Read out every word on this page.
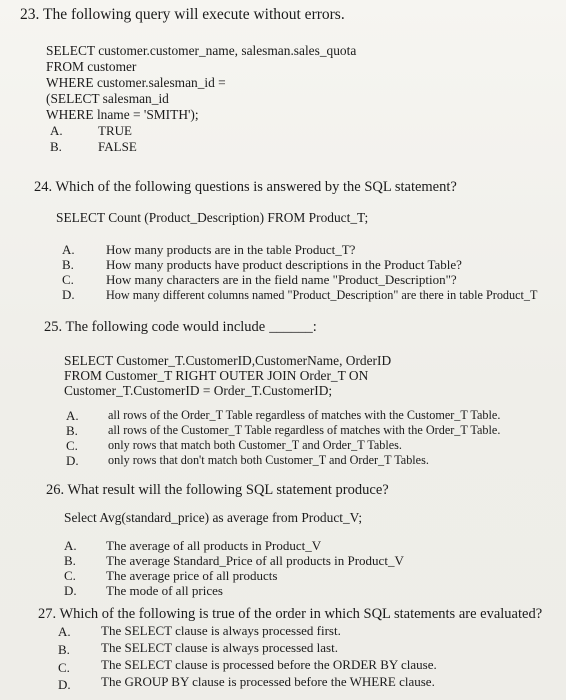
23. The following query will execute without errors.
SELECT customer.customer_name, salesman.sales_quota
FROM customer
WHERE customer.salesman_id =
(SELECT salesman_id
WHERE lname = 'SMITH');
A.	TRUE
B.	FALSE
24. Which of the following questions is answered by the SQL statement?
SELECT Count (Product_Description) FROM Product_T;
A. How many products are in the table Product_T?
B. How many products have product descriptions in the Product Table?
C. How many characters are in the field name "Product_Description"?
D.	How many different columns named "Product_Description" are there in table Product_T
25. The following code would include ______:
SELECT Customer_T.CustomerID,CustomerName, OrderID
FROM Customer_T RIGHT OUTER JOIN Order_T ON
Customer_T.CustomerID = Order_T.CustomerID;
A. all rows of the Order_T Table regardless of matches with the Customer_T Table.
B. all rows of the Customer_T Table regardless of matches with the Order_T Table.
C. only rows that match both Customer_T and Order_T Tables.
D. only rows that don't match both Customer_T and Order_T Tables.
26. What result will the following SQL statement produce?
Select Avg(standard_price) as average from Product_V;
A. The average of all products in Product_V
B. The average Standard_Price of all products in Product_V
C. The average price of all products
D. The mode of all prices
27. Which of the following is true of the order in which SQL statements are evaluated?
A. The SELECT clause is always processed first.
B. The SELECT clause is always processed last.
C. The SELECT clause is processed before the ORDER BY clause.
D. The GROUP BY clause is processed before the WHERE clause.
